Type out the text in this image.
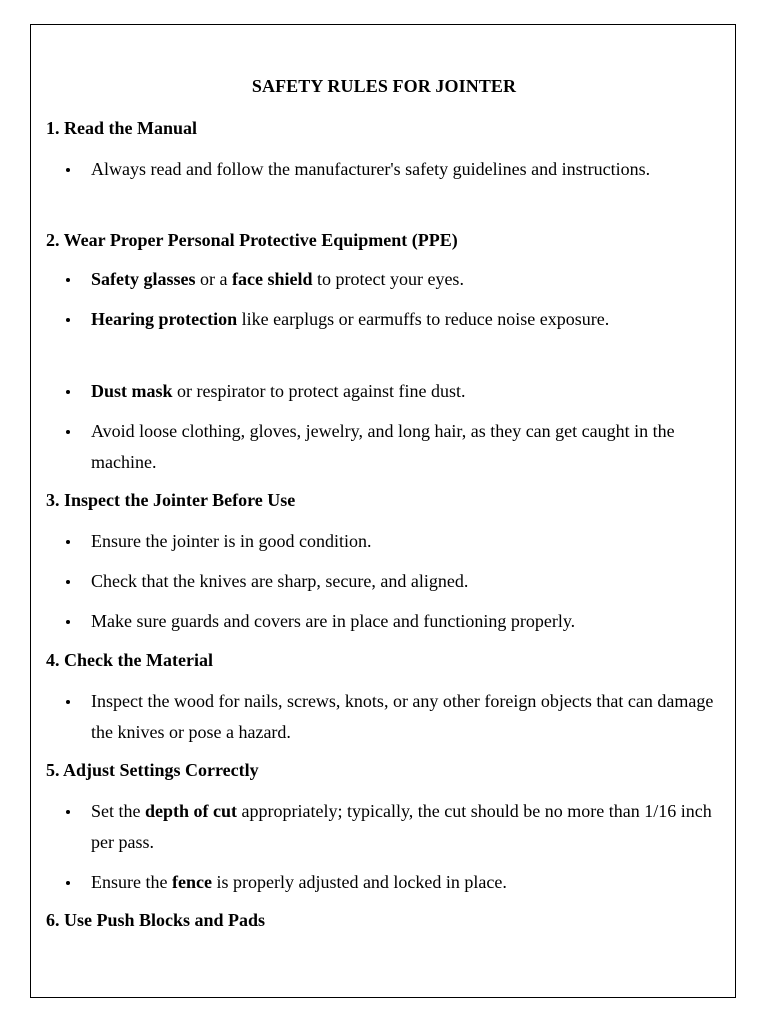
SAFETY RULES FOR JOINTER
1. Read the Manual
Always read and follow the manufacturer's safety guidelines and instructions.
2. Wear Proper Personal Protective Equipment (PPE)
Safety glasses or a face shield to protect your eyes.
Hearing protection like earplugs or earmuffs to reduce noise exposure.
Dust mask or respirator to protect against fine dust.
Avoid loose clothing, gloves, jewelry, and long hair, as they can get caught in the machine.
3. Inspect the Jointer Before Use
Ensure the jointer is in good condition.
Check that the knives are sharp, secure, and aligned.
Make sure guards and covers are in place and functioning properly.
4. Check the Material
Inspect the wood for nails, screws, knots, or any other foreign objects that can damage the knives or pose a hazard.
5. Adjust Settings Correctly
Set the depth of cut appropriately; typically, the cut should be no more than 1/16 inch per pass.
Ensure the fence is properly adjusted and locked in place.
6. Use Push Blocks and Pads
